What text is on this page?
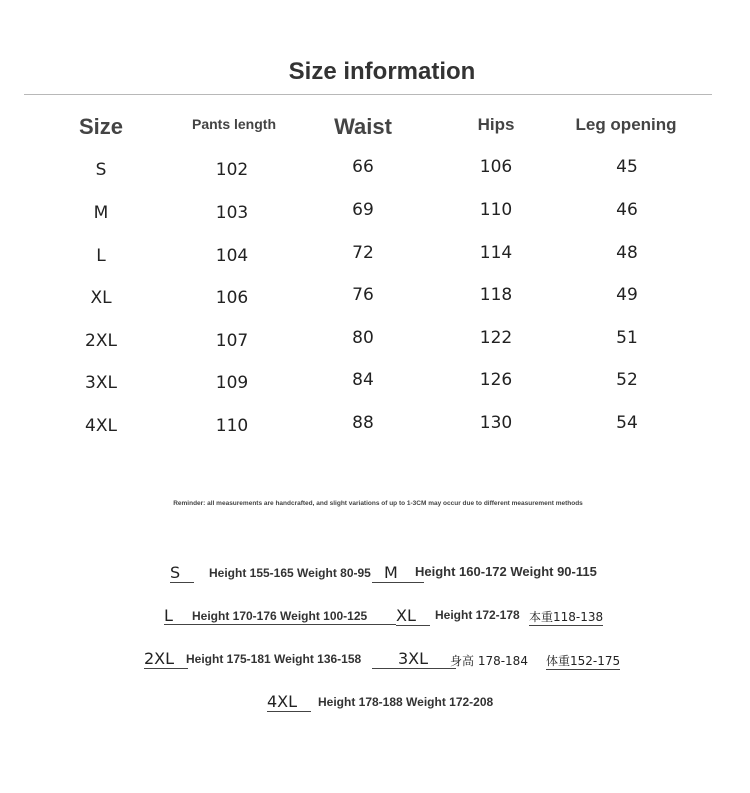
Size information
Size	Pants length	Waist	Hips	Leg opening
S	102	66	106	45
M	103	69	110	46
L	104	72	114	48
XL	106	76	118	49
2XL	107	80	122	51
3XL	109	84	126	52
4XL	110	88	130	54
Reminder: all measurements are handcrafted, and slight variations of up to 1-3CM may occur due to different measurement methods
S	Height 155-165 Weight 80-95 M	Height 160-172 Weight 90-115
L	Height 170-176 Weight 100-125	XL	Height 172-178 本重118-138
2XL Height 175-181 Weight 136-158	3XL	身高 178-184 体重152-175
4XL	Height 178-188 Weight 172-208
